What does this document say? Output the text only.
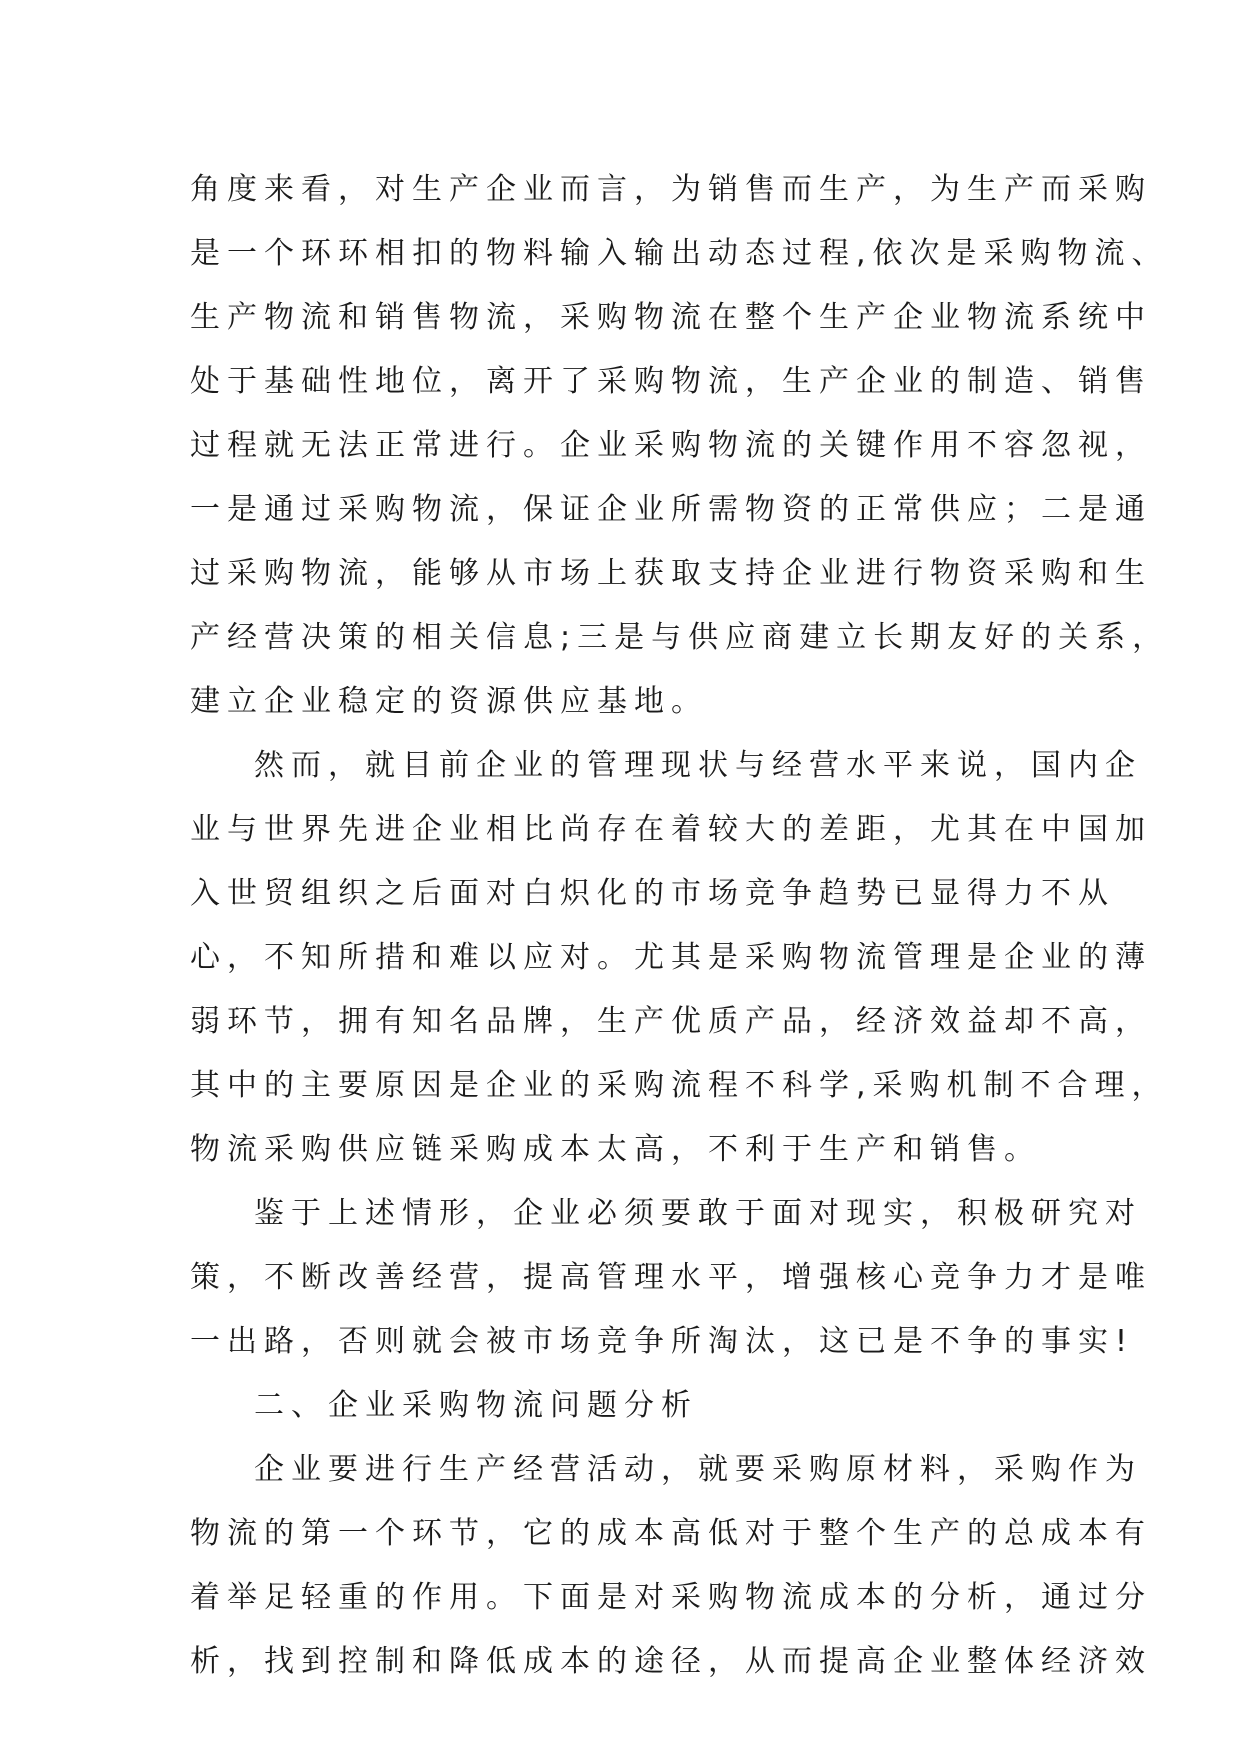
角度来看，对生产企业而言，为销售而生产，为生产而采购
是一个环环相扣的物料输入输出动态过程,依次是采购物流、
生产物流和销售物流，采购物流在整个生产企业物流系统中
处于基础性地位，离开了采购物流，生产企业的制造、销售
过程就无法正常进行。企业采购物流的关键作用不容忽视，
一是通过采购物流，保证企业所需物资的正常供应；二是通
过采购物流，能够从市场上获取支持企业进行物资采购和生
产经营决策的相关信息;三是与供应商建立长期友好的关系，
建立企业稳定的资源供应基地。
然而，就目前企业的管理现状与经营水平来说，国内企
业与世界先进企业相比尚存在着较大的差距，尤其在中国加
入世贸组织之后面对白炽化的市场竞争趋势已显得力不从
心，不知所措和难以应对。尤其是采购物流管理是企业的薄
弱环节，拥有知名品牌，生产优质产品，经济效益却不高，
其中的主要原因是企业的采购流程不科学,采购机制不合理，
物流采购供应链采购成本太高，不利于生产和销售。
鉴于上述情形，企业必须要敢于面对现实，积极研究对
策，不断改善经营，提高管理水平，增强核心竞争力才是唯
一出路，否则就会被市场竞争所淘汰，这已是不争的事实!
二、企业采购物流问题分析
企业要进行生产经营活动，就要采购原材料，采购作为
物流的第一个环节，它的成本高低对于整个生产的总成本有
着举足轻重的作用。下面是对采购物流成本的分析，通过分
析，找到控制和降低成本的途径，从而提高企业整体经济效
